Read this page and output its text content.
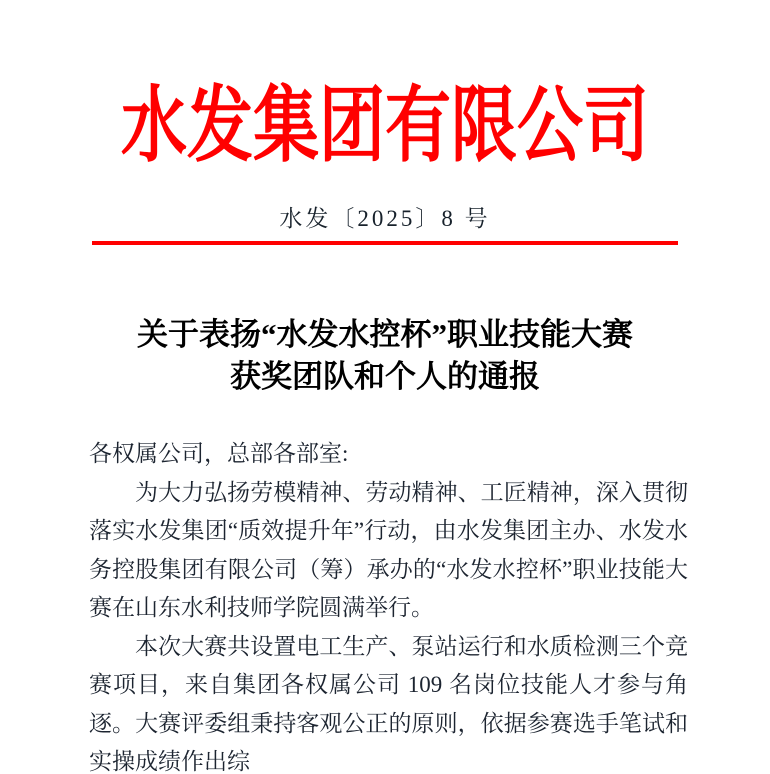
水发集团有限公司
水发〔2025〕8 号
关于表扬“水发水控杯”职业技能大赛
获奖团队和个人的通报

各权属公司，总部各部室:

为大力弘扬劳模精神、劳动精神、工匠精神，深入贯彻落实水发集团“质效提升年”行动，由水发集团主办、水发水务控股集团有限公司（筹）承办的“水发水控杯”职业技能大赛在山东水利技师学院圆满举行。

本次大赛共设置电工生产、泵站运行和水质检测三个竞赛项目，来自集团各权属公司 109 名岗位技能人才参与角逐。大赛评委组秉持客观公正的原则，依据参赛选手笔试和实操成绩作出综
